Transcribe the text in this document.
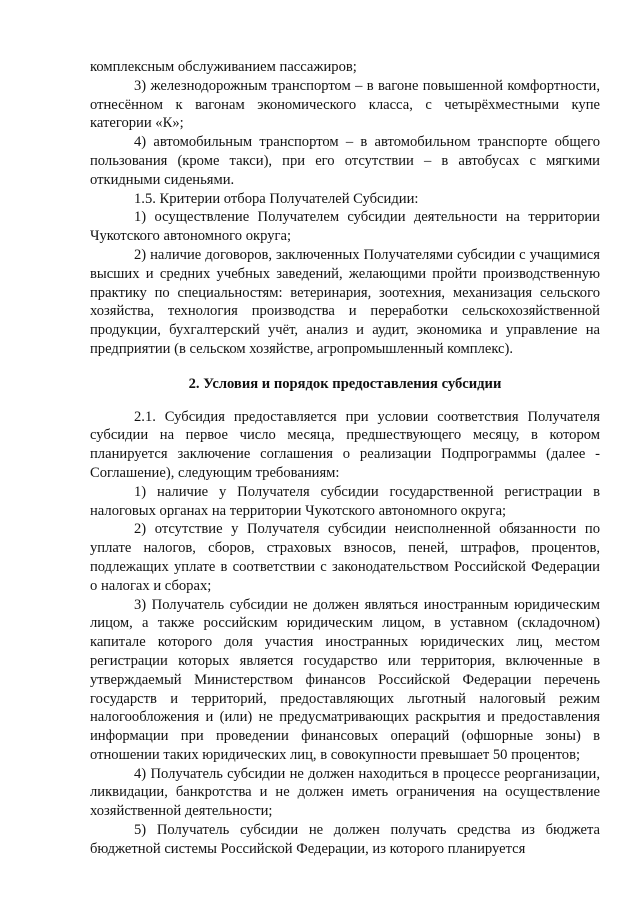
комплексным обслуживанием пассажиров;

3) железнодорожным транспортом – в вагоне повышенной комфортности, отнесённом к вагонам экономического класса, с четырёхместными купе категории «К»;

4) автомобильным транспортом – в автомобильном транспорте общего пользования (кроме такси), при его отсутствии – в автобусах с мягкими откидными сиденьями.

1.5. Критерии отбора Получателей Субсидии:

1) осуществление Получателем субсидии деятельности на территории Чукотского автономного округа;

2) наличие договоров, заключенных Получателями субсидии с учащимися высших и средних учебных заведений, желающими пройти производственную практику по специальностям: ветеринария, зоотехния, механизация сельского хозяйства, технология производства и переработки сельскохозяйственной продукции, бухгалтерский учёт, анализ и аудит, экономика и управление на предприятии (в сельском хозяйстве, агропромышленный комплекс).

2. Условия и порядок предоставления субсидии

2.1. Субсидия предоставляется при условии соответствия Получателя субсидии на первое число месяца, предшествующего месяцу, в котором планируется заключение соглашения о реализации Подпрограммы (далее - Соглашение), следующим требованиям:

1) наличие у Получателя субсидии государственной регистрации в налоговых органах на территории Чукотского автономного округа;

2) отсутствие у Получателя субсидии неисполненной обязанности по уплате налогов, сборов, страховых взносов, пеней, штрафов, процентов, подлежащих уплате в соответствии с законодательством Российской Федерации о налогах и сборах;

3) Получатель субсидии не должен являться иностранным юридическим лицом, а также российским юридическим лицом, в уставном (складочном) капитале которого доля участия иностранных юридических лиц, местом регистрации которых является государство или территория, включенные в утверждаемый Министерством финансов Российской Федерации перечень государств и территорий, предоставляющих льготный налоговый режим налогообложения и (или) не предусматривающих раскрытия и предоставления информации при проведении финансовых операций (офшорные зоны) в отношении таких юридических лиц, в совокупности превышает 50 процентов;

4) Получатель субсидии не должен находиться в процессе реорганизации, ликвидации, банкротства и не должен иметь ограничения на осуществление хозяйственной деятельности;

5) Получатель субсидии не должен получать средства из бюджета бюджетной системы Российской Федерации, из которого планируется
